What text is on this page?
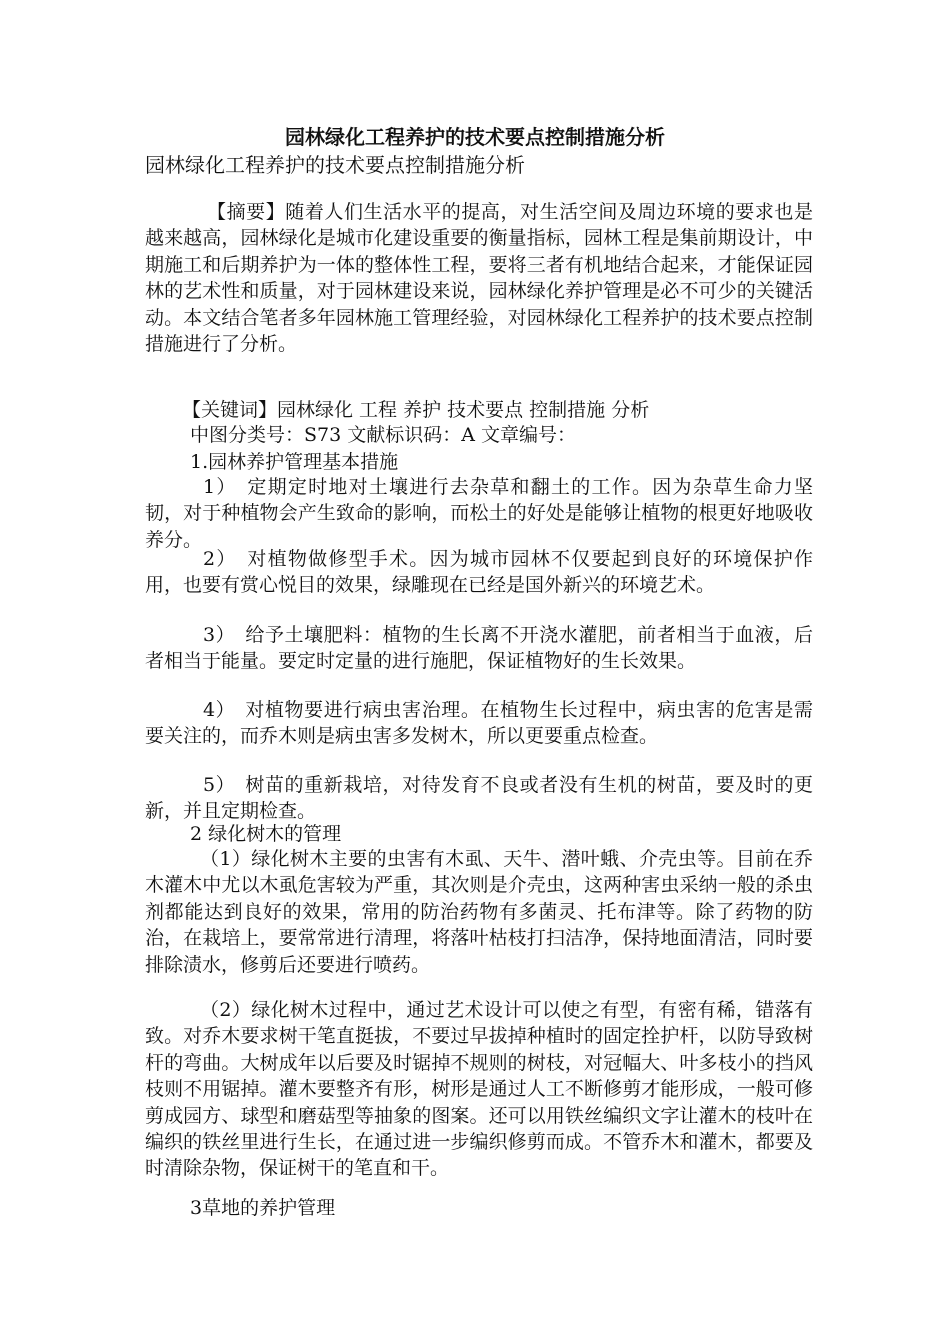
园林绿化工程养护的技术要点控制措施分析
园林绿化工程养护的技术要点控制措施分析
【摘要】随着人们生活水平的提高，对生活空间及周边环境的要求也是越来越高，园林绿化是城市化建设重要的衡量指标，园林工程是集前期设计，中期施工和后期养护为一体的整体性工程，要将三者有机地结合起来，才能保证园林的艺术性和质量，对于园林建设来说，园林绿化养护管理是必不可少的关键活动。本文结合笔者多年园林施工管理经验，对园林绿化工程养护的技术要点控制措施进行了分析。
【关键词】园林绿化 工程 养护 技术要点 控制措施 分析
中图分类号：S73 文献标识码：A 文章编号：
1.园林养护管理基本措施
1）　定期定时地对土壤进行去杂草和翻土的工作。因为杂草生命力坚韧，对于种植物会产生致命的影响，而松土的好处是能够让植物的根更好地吸收养分。
2）　对植物做修型手术。因为城市园林不仅要起到良好的环境保护作用，也要有赏心悦目的效果，绿雕现在已经是国外新兴的环境艺术。
3）　给予土壤肥料：植物的生长离不开浇水灌肥，前者相当于血液，后者相当于能量。要定时定量的进行施肥，保证植物好的生长效果。
4）　对植物要进行病虫害治理。在植物生长过程中，病虫害的危害是需要关注的，而乔木则是病虫害多发树木，所以更要重点检查。
5）　树苗的重新栽培，对待发育不良或者没有生机的树苗，要及时的更新，并且定期检查。
2 绿化树木的管理
（1）绿化树木主要的虫害有木虱、天牛、潜叶蛾、介壳虫等。目前在乔木灌木中尤以木虱危害较为严重，其次则是介壳虫，这两种害虫采纳一般的杀虫剂都能达到良好的效果，常用的防治药物有多菌灵、托布津等。除了药物的防治，在栽培上，要常常进行清理，将落叶枯枝打扫洁净，保持地面清洁，同时要排除渍水，修剪后还要进行喷药。
（2）绿化树木过程中，通过艺术设计可以使之有型，有密有稀，错落有致。对乔木要求树干笔直挺拔，不要过早拔掉种植时的固定拴护杆，以防导致树杆的弯曲。大树成年以后要及时锯掉不规则的树枝，对冠幅大、叶多枝小的挡风枝则不用锯掉。灌木要整齐有形，树形是通过人工不断修剪才能形成，一般可修剪成园方、球型和磨菇型等抽象的图案。还可以用铁丝编织文字让灌木的枝叶在编织的铁丝里进行生长，在通过进一步编织修剪而成。不管乔木和灌木，都要及时清除杂物，保证树干的笔直和干。
3草地的养护管理
